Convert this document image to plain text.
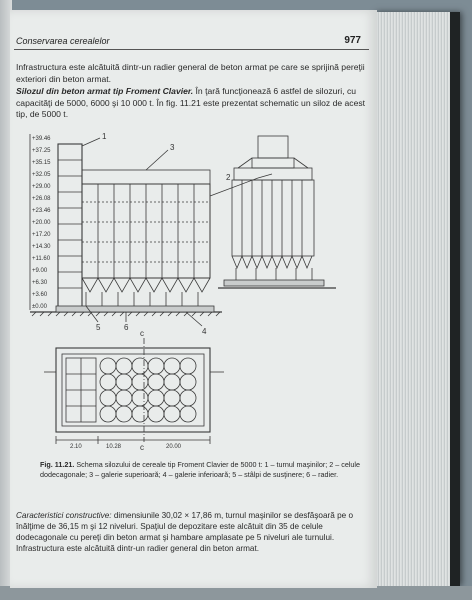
Conservarea cerealelor	977
Infrastructura este alcătuită dintr-un radier general de beton armat pe care se sprijină pereţii exteriori din beton armat.
Silozul din beton armat tip Froment Clavier. În ţară funcţionează 6 astfel de silozuri, cu capacităţi de 5000, 6000 şi 10 000 t. În fig. 11.21 este prezentat schematic un siloz de acest tip, de 5000 t.
+39.46
+37.25
+35.15
+32.05
+29.00
+26.08
+23.46
+20.00
+17.20
+14.30
+11.60
+9.00
+6.30
+3.60
±0.00
1
2
3
4
5	6
c
c
2.10	10.28	20.00
Fig. 11.21. Schema silozului de cereale tip Froment Clavier de 5000 t: 1 – turnul maşinilor; 2 – celule dodecagonale; 3 – galerie superioară; 4 – galerie inferioară; 5 – stâlpi de susţinere; 6 – radier.
Caracteristici constructive: dimensiunile 30,02 × 17,86 m, turnul maşinilor se desfăşoară pe o înălţime de 36,15 m şi 12 niveluri. Spaţiul de depozitare este alcătuit din 35 de celule dodecagonale cu pereţi din beton armat şi hambare amplasate pe 5 niveluri ale turnului. Infrastructura este alcătuită dintr-un radier general din beton armat.
